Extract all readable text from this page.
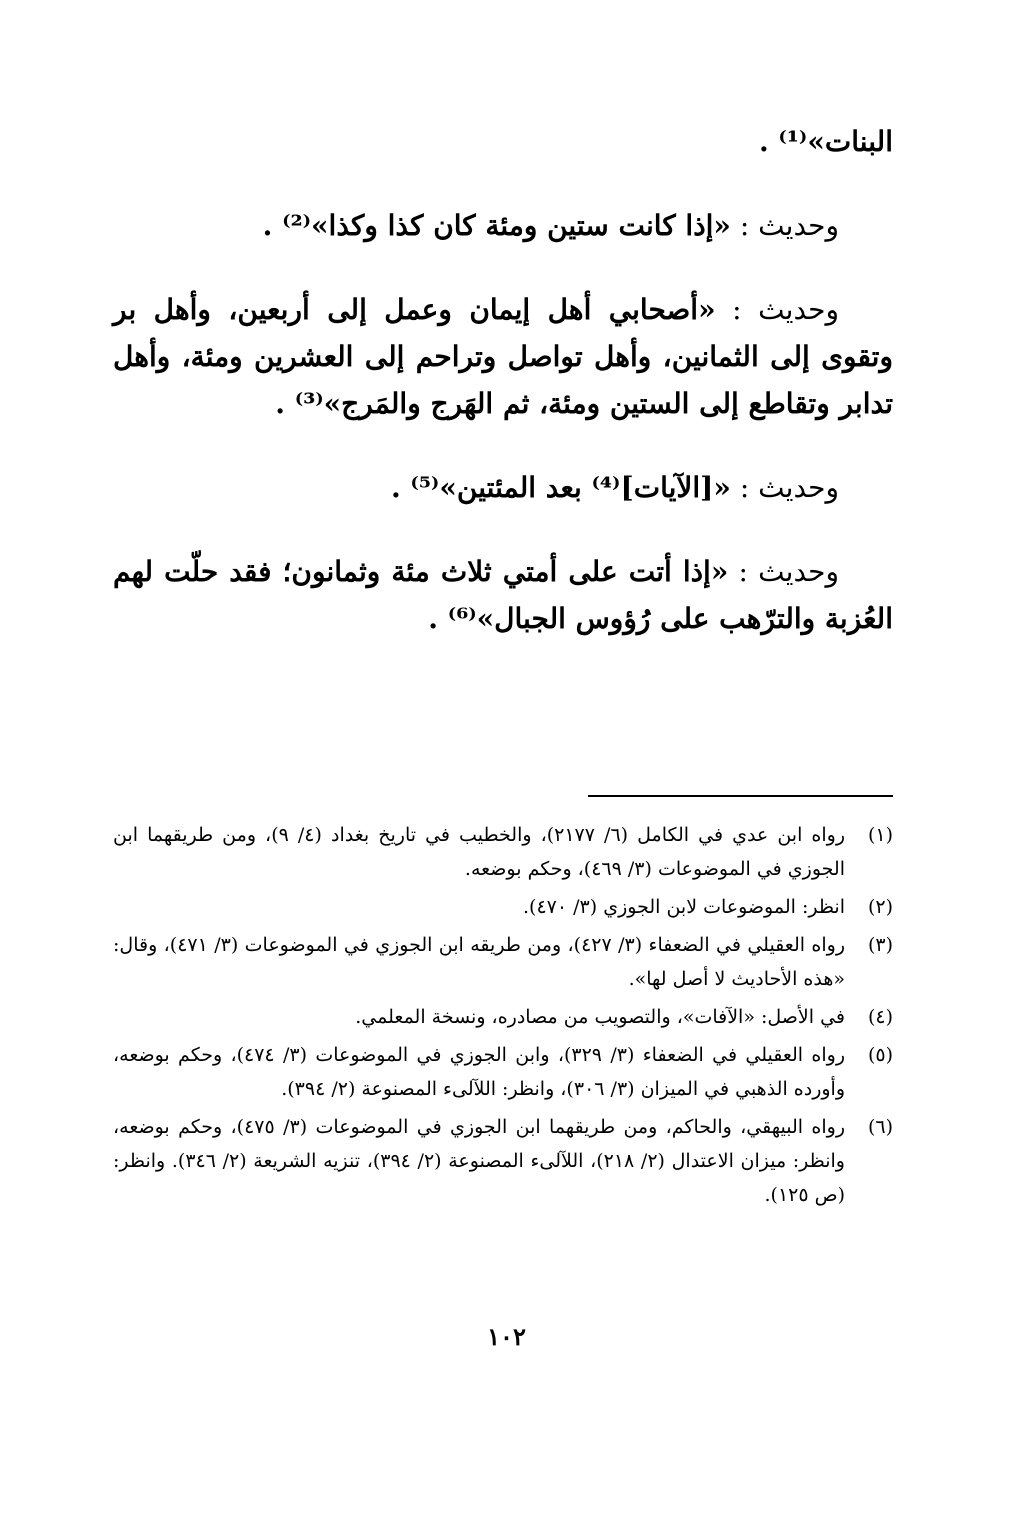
البنات»⁽¹⁾ .

وحديث : «إذا كانت ستين ومئة كان كذا وكذا»⁽²⁾ .

وحديث : «أصحابي أهل إيمان وعمل إلى أربعين، وأهل بر وتقوى إلى الثمانين، وأهل تواصل وتراحم إلى العشرين ومئة، وأهل تدابر وتقاطع إلى الستين ومئة، ثم الهَرج والمَرج»⁽³⁾ .

وحديث : «[الآيات]⁽⁴⁾ بعد المئتين»⁽⁵⁾ .

وحديث : «إذا أتت على أمتي ثلاث مئة وثمانون؛ فقد حلّت لهم العُزبة والترّهب على رُؤوس الجبال»⁽⁶⁾ .

(١)
رواه ابن عدي في الكامل (٦/ ٢١٧٧)، والخطيب في تاريخ بغداد (٤/ ٩)، ومن طريقهما ابن الجوزي في الموضوعات (٣/ ٤٦٩)، وحكم بوضعه.
(٢)
انظر: الموضوعات لابن الجوزي (٣/ ٤٧٠).
(٣)
رواه العقيلي في الضعفاء (٣/ ٤٢٧)، ومن طريقه ابن الجوزي في الموضوعات (٣/ ٤٧١)، وقال: «هذه الأحاديث لا أصل لها».
(٤)
في الأصل: «الآفات»، والتصويب من مصادره، ونسخة المعلمي.
(٥)
رواه العقيلي في الضعفاء (٣/ ٣٢٩)، وابن الجوزي في الموضوعات (٣/ ٤٧٤)، وحكم بوضعه، وأورده الذهبي في الميزان (٣/ ٣٠٦)، وانظر: اللآلىء المصنوعة (٢/ ٣٩٤).
(٦)
رواه البيهقي، والحاكم، ومن طريقهما ابن الجوزي في الموضوعات (٣/ ٤٧٥)، وحكم بوضعه، وانظر: ميزان الاعتدال (٢/ ٢١٨)، اللآلىء المصنوعة (٢/ ٣٩٤)، تنزيه الشريعة (٢/ ٣٤٦). وانظر: (ص ١٢٥).
١٠٢
